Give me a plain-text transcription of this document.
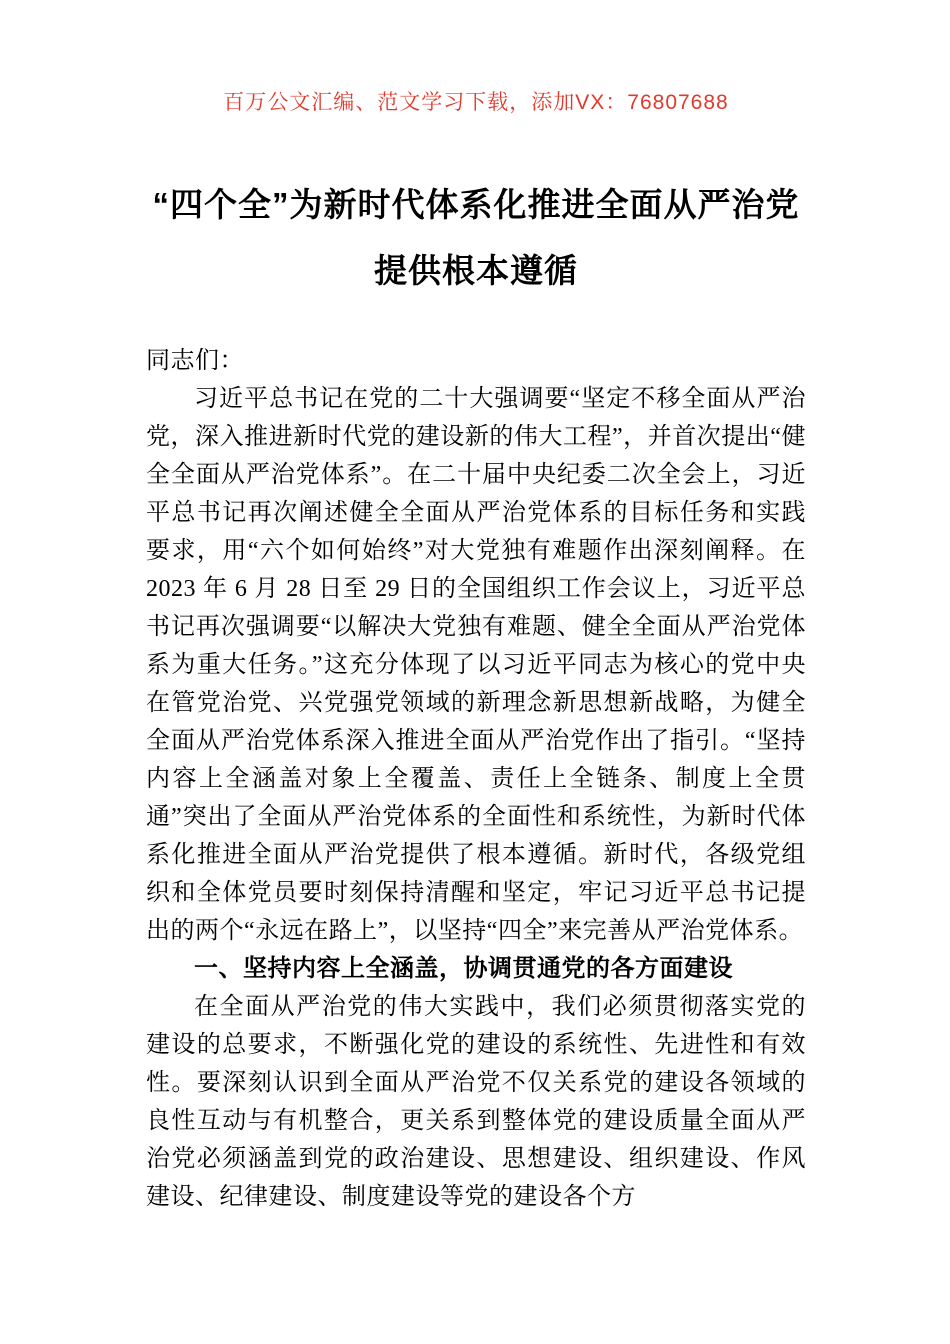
百万公文汇编、范文学习下载，添加VX：76807688
“四个全”为新时代体系化推进全面从严治党提供根本遵循

同志们：

习近平总书记在党的二十大强调要“坚定不移全面从严治党，深入推进新时代党的建设新的伟大工程”，并首次提出“健全全面从严治党体系”。在二十届中央纪委二次全会上，习近平总书记再次阐述健全全面从严治党体系的目标任务和实践要求，用“六个如何始终”对大党独有难题作出深刻阐释。在 2023 年 6 月 28 日至 29 日的全国组织工作会议上，习近平总书记再次强调要“以解决大党独有难题、健全全面从严治党体系为重大任务。”这充分体现了以习近平同志为核心的党中央在管党治党、兴党强党领域的新理念新思想新战略，为健全全面从严治党体系深入推进全面从严治党作出了指引。“坚持内容上全涵盖对象上全覆盖、责任上全链条、制度上全贯通”突出了全面从严治党体系的全面性和系统性，为新时代体系化推进全面从严治党提供了根本遵循。新时代，各级党组织和全体党员要时刻保持清醒和坚定，牢记习近平总书记提出的两个“永远在路上”，以坚持“四全”来完善从严治党体系。

一、坚持内容上全涵盖，协调贯通党的各方面建设

在全面从严治党的伟大实践中，我们必须贯彻落实党的建设的总要求，不断强化党的建设的系统性、先进性和有效性。要深刻认识到全面从严治党不仅关系党的建设各领域的良性互动与有机整合，更关系到整体党的建设质量全面从严治党必须涵盖到党的政治建设、思想建设、组织建设、作风建设、纪律建设、制度建设等党的建设各个方
